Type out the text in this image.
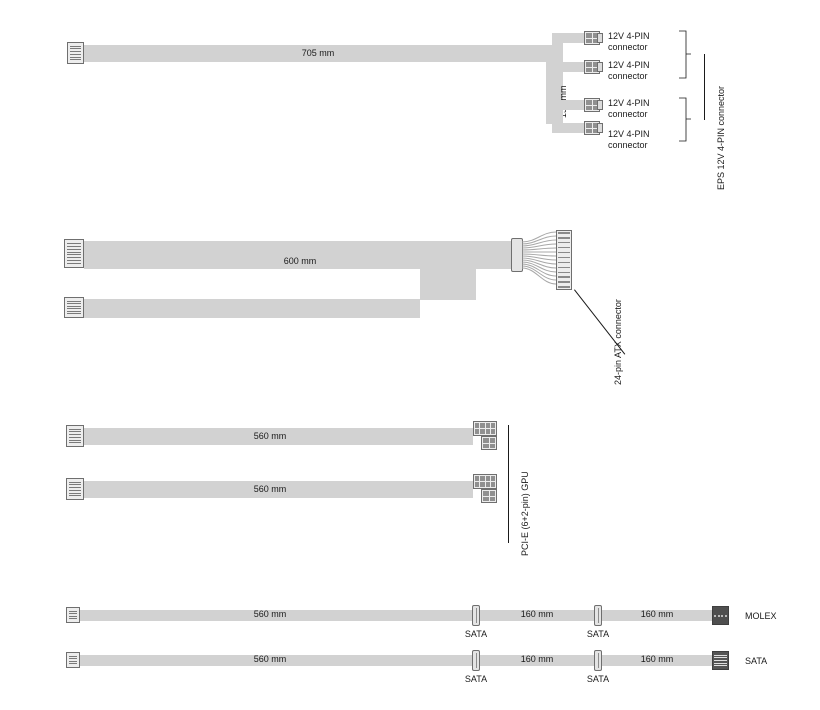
705 mm
12V 4-PIN connector
12V 4-PIN connector
12V 4-PIN connector
12V 4-PIN connector	EPS 12V 4-PIN connector
600 mm
24-pin ATX connector
560 mm
560 mm	PCI-E (6+2-pin) GPU
560 mm
SATA
160 mm
SATA
160 mm	MOLEX
560 mm
SATA
160 mm
SATA
160 mm	SATA
